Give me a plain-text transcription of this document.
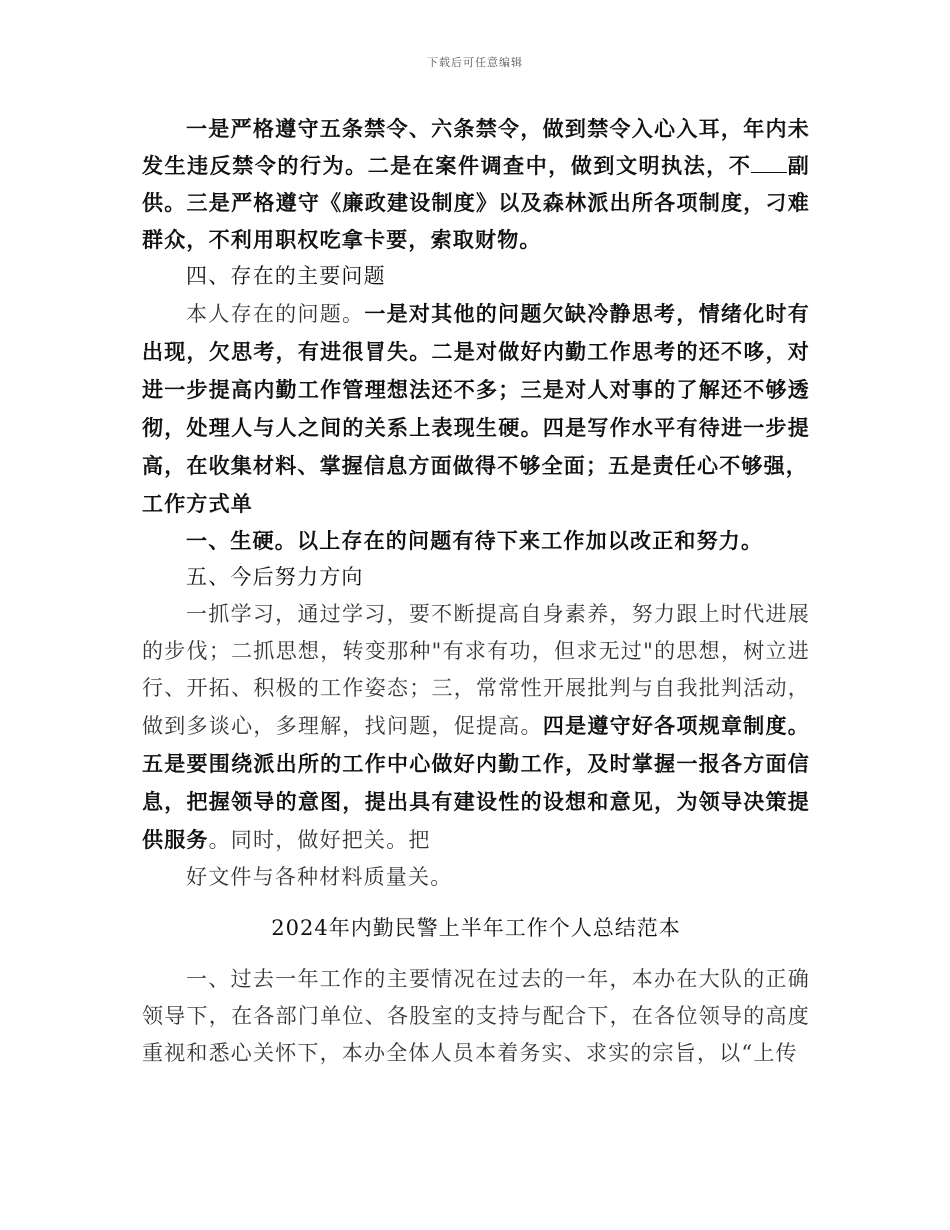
下载后可任意编辑

一是严格遵守五条禁令、六条禁令，做到禁令入心入耳，年内未发生违反禁令的行为。二是在案件调查中，做到文明执法，不 副供。三是严格遵守《廉政建设制度》以及森林派出所各项制度，刁难群众，不利用职权吃拿卡要，索取财物。

四、存在的主要问题

本人存在的问题。一是对其他的问题欠缺冷静思考，情绪化时有出现，欠思考，有进很冒失。二是对做好内勤工作思考的还不哆，对进一步提高内勤工作管理想法还不多；三是对人对事的了解还不够透彻，处理人与人之间的关系上表现生硬。四是写作水平有待进一步提高，在收集材料、掌握信息方面做得不够全面；五是责任心不够强，

工作方式单

一、生硬。以上存在的问题有待下来工作加以改正和努力。

五、今后努力方向

一抓学习，通过学习，要不断提高自身素养，努力跟上时代进展的步伐；二抓思想，转变那种"有求有功，但求无过"的思想，树立进行、开拓、积极的工作姿态；三，常常性开展批判与自我批判活动，做到多谈心，多理解，找问题，促提高。四是遵守好各项规章制度。五是要围绕派出所的工作中心做好内勤工作，及时掌握一报各方面信息，把握领导的意图，提出具有建设性的设想和意见，为领导决策提供服务。同时，做好把关。把

好文件与各种材料质量关。

2024年内勤民警上半年工作个人总结范本

一、过去一年工作的主要情况在过去的一年，本办在大队的正确领导下，在各部门单位、各股室的支持与配合下，在各位领导的高度重视和悉心关怀下，本办全体人员本着务实、求实的宗旨，以“上传
